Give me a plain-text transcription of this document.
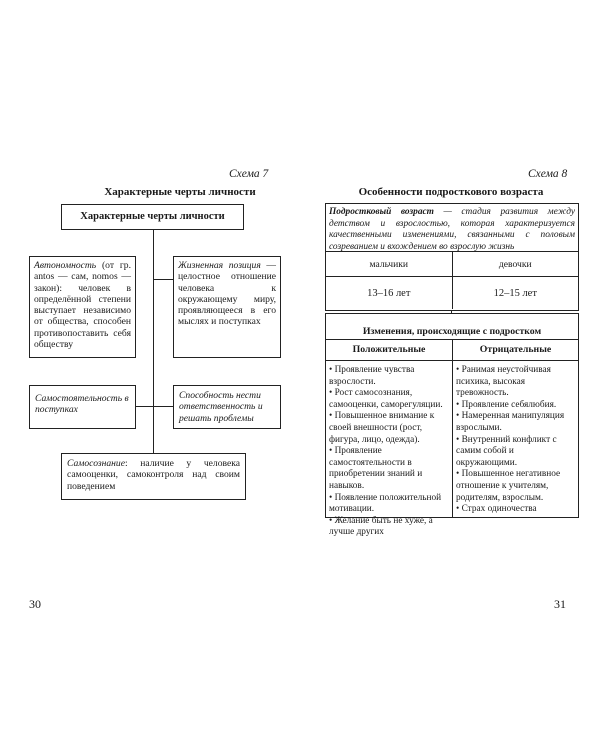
Схема 7
Характерные черты личности
Характерные черты личности
Автономность (от гр. antos — сам, nomos — закон): человек в определённой степени выступает независимо от общества, способен противопоставить себя обществу
Жизненная позиция — целостное отношение человека к окружающему миру, проявляющееся в его мыслях и поступках
Самостоятельность в поступках
Способность нести ответственность и решать проблемы
Самосознание: наличие у человека самооценки, самоконтроля над своим поведением
30
Схема 8
Особенности подросткового возраста
Подростковый возраст — стадия развития между детством и взрослостью, которая характеризуется качественными изменениями, связанными с половым созреванием и вхождением во взрослую жизнь
мальчики	девочки
13–16 лет	12–15 лет
Изменения, происходящие с подростком
Положительные	Отрицательные
• Проявление чувства взрослости.
• Рост самосознания, самооценки, саморегуляции.
• Повышенное внимание к своей внешности (рост, фигура, лицо, одежда).
• Проявление самостоятельности в приобретении знаний и навыков.
• Появление положительной мотивации.
• Желание быть не хуже, а лучше других
• Ранимая неустойчивая психика, высокая тревожность.
• Проявление себялюбия.
• Намеренная манипуляция взрослыми.
• Внутренний конфликт с самим собой и окружающими.
• Повышенное негативное отношение к учителям, родителям, взрослым.
• Страх одиночества
31
